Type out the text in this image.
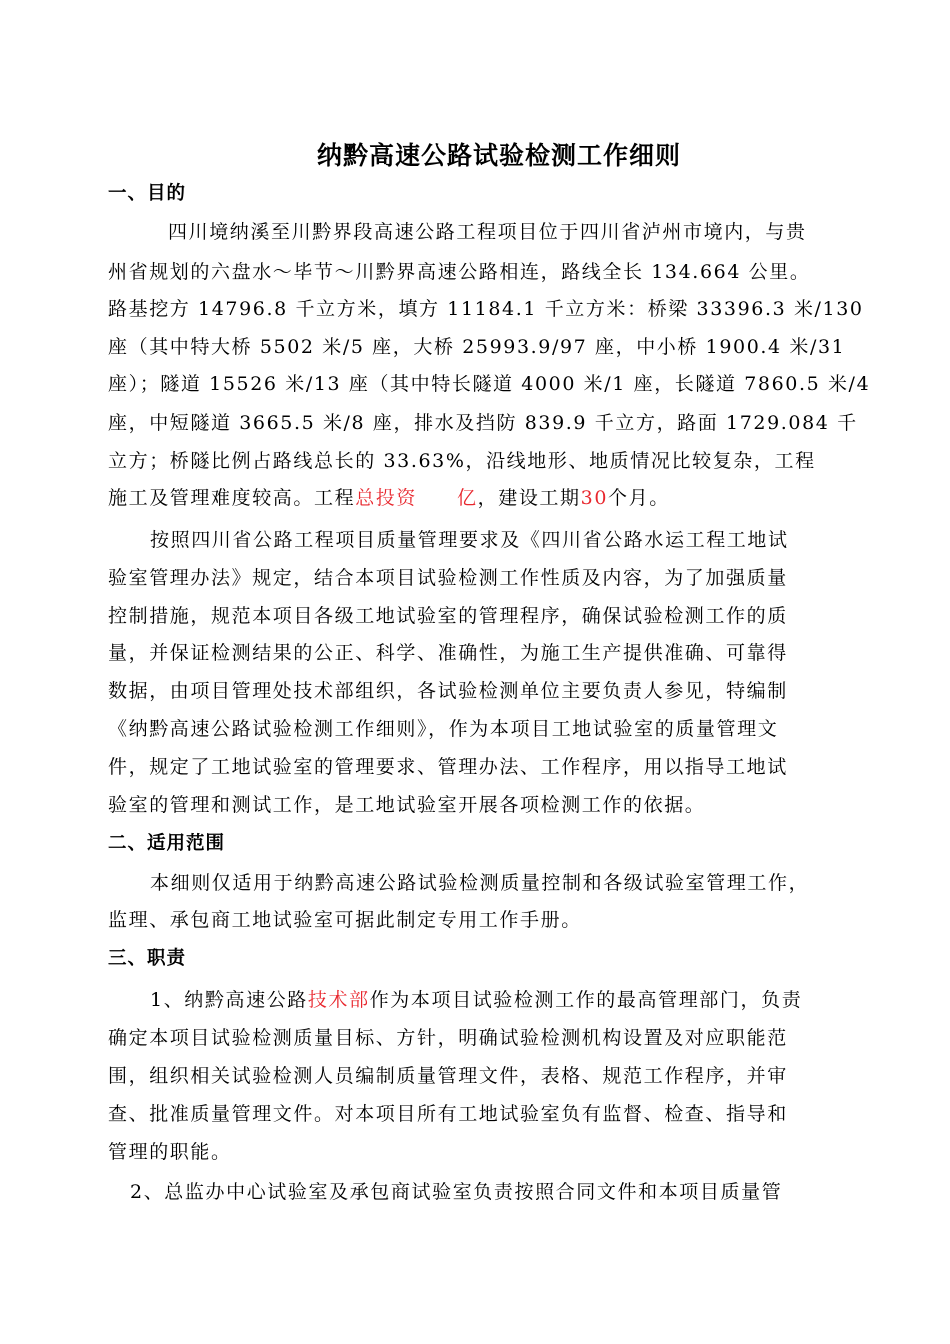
纳黔高速公路试验检测工作细则
一、目的
四川境纳溪至川黔界段高速公路工程项目位于四川省泸州市境内，与贵
州省规划的六盘水～毕节～川黔界高速公路相连，路线全长 134.664 公里。
路基挖方 14796.8 千立方米，填方 11184.1 千立方米：桥梁 33396.3 米/130
座（其中特大桥 5502 米/5 座，大桥 25993.9/97 座，中小桥 1900.4 米/31
座）；隧道 15526 米/13 座（其中特长隧道 4000 米/1 座，长隧道 7860.5 米/4
座，中短隧道 3665.5 米/8 座，排水及挡防 839.9 千立方，路面 1729.084 千
立方；桥隧比例占路线总长的 33.63%，沿线地形、地质情况比较复杂，工程
施工及管理难度较高。工程总投资 亿，建设工期30个月。
按照四川省公路工程项目质量管理要求及《四川省公路水运工程工地试
验室管理办法》规定，结合本项目试验检测工作性质及内容，为了加强质量
控制措施，规范本项目各级工地试验室的管理程序，确保试验检测工作的质
量，并保证检测结果的公正、科学、准确性，为施工生产提供准确、可靠得
数据，由项目管理处技术部组织，各试验检测单位主要负责人参见，特编制
《纳黔高速公路试验检测工作细则》，作为本项目工地试验室的质量管理文
件，规定了工地试验室的管理要求、管理办法、工作程序，用以指导工地试
验室的管理和测试工作，是工地试验室开展各项检测工作的依据。
二、适用范围
本细则仅适用于纳黔高速公路试验检测质量控制和各级试验室管理工作，
监理、承包商工地试验室可据此制定专用工作手册。
三、职责
1、纳黔高速公路技术部作为本项目试验检测工作的最高管理部门，负责
确定本项目试验检测质量目标、方针，明确试验检测机构设置及对应职能范
围，组织相关试验检测人员编制质量管理文件，表格、规范工作程序，并审
查、批准质量管理文件。对本项目所有工地试验室负有监督、检查、指导和
管理的职能。
2、总监办中心试验室及承包商试验室负责按照合同文件和本项目质量管
